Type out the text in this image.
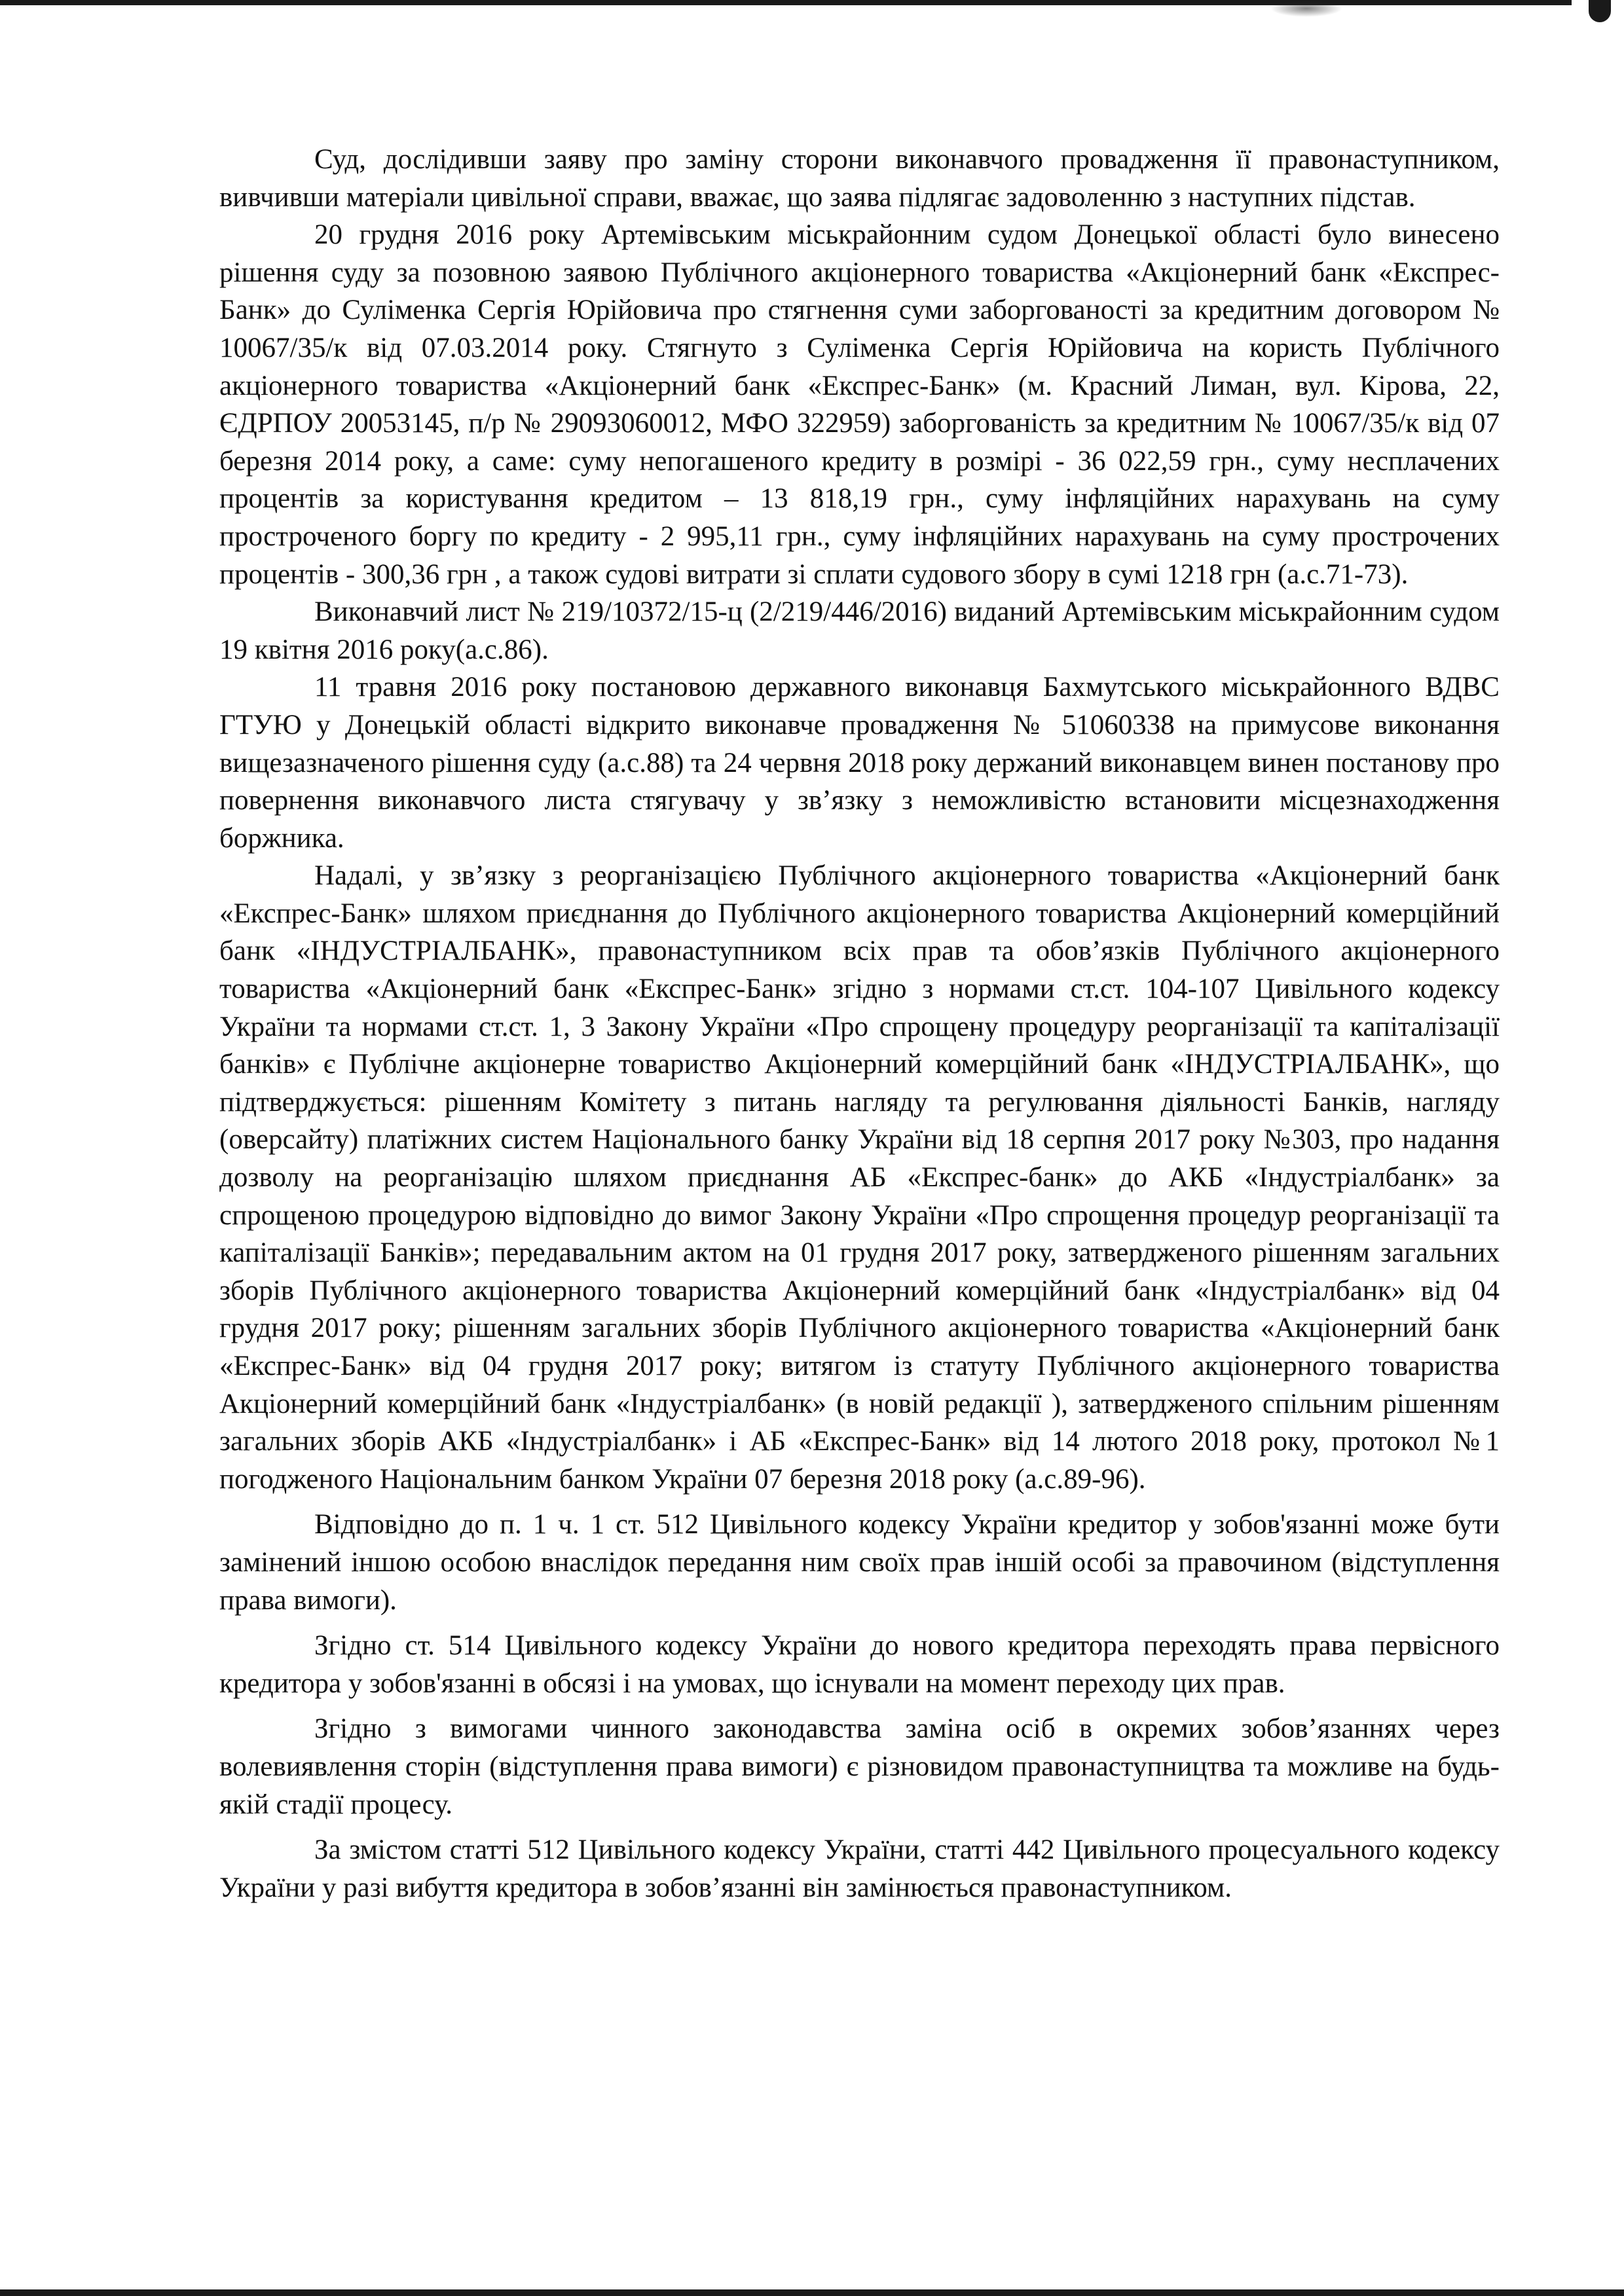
Суд, дослідивши заяву про заміну сторони виконавчого провадження її правонаступником, вивчивши матеріали цивільної справи, вважає, що заява підлягає задоволенню з наступних підстав.

20 грудня 2016 року Артемівським міськрайонним судом Донецької області було винесено рішення суду за позовною заявою Публічного акціонерного товариства «Акціонерний банк «Експрес-Банк» до Суліменка Сергія Юрійовича про стягнення суми заборгованості за кредитним договором № 10067/35/к від 07.03.2014 року. Стягнуто з Суліменка Сергія Юрійовича на користь Публічного акціонерного товариства «Акціонерний банк «Експрес-Банк» (м. Красний Лиман, вул. Кірова, 22, ЄДРПОУ 20053145, п/р № 29093060012, МФО 322959) заборгованість за кредитним № 10067/35/к від 07 березня 2014 року, а саме: суму непогашеного кредиту в розмірі - 36 022,59 грн., суму несплачених процентів за користування кредитом – 13 818,19 грн., суму інфляційних нарахувань на суму простроченого боргу по кредиту - 2 995,11 грн., суму інфляційних нарахувань на суму прострочених процентів - 300,36 грн , а також судові витрати зі сплати судового збору в сумі 1218 грн (а.с.71-73).

Виконавчий лист № 219/10372/15-ц (2/219/446/2016) виданий Артемівським міськрайонним судом 19 квітня 2016 року(а.с.86).

11 травня 2016 року постановою державного виконавця Бахмутського міськрайонного ВДВС ГТУЮ у Донецькій області відкрито виконавче провадження № 51060338 на примусове виконання вищезазначеного рішення суду (а.с.88) та 24 червня 2018 року держаний виконавцем винен постанову про повернення виконавчого листа стягувачу у зв’язку з неможливістю встановити місцезнаходження боржника.

Надалі, у зв’язку з реорганізацією Публічного акціонерного товариства «Акціонерний банк «Експрес-Банк» шляхом приєднання до Публічного акціонерного товариства Акціонерний комерційний банк «ІНДУСТРІАЛБАНК», правонаступником всіх прав та обов’язків Публічного акціонерного товариства «Акціонерний банк «Експрес-Банк» згідно з нормами ст.ст. 104-107 Цивільного кодексу України та нормами ст.ст. 1, 3 Закону України «Про спрощену процедуру реорганізації та капіталізації банків» є Публічне акціонерне товариство Акціонерний комерційний банк «ІНДУСТРІАЛБАНК», що підтверджується: рішенням Комітету з питань нагляду та регулювання діяльності Банків, нагляду (оверсайту) платіжних систем Національного банку України від 18 серпня 2017 року №303, про надання дозволу на реорганізацію шляхом приєднання АБ «Експрес-банк» до АКБ «Індустріалбанк» за спрощеною процедурою відповідно до вимог Закону України «Про спрощення процедур реорганізації та капіталізації Банків»; передавальним актом на 01 грудня 2017 року, затвердженого рішенням загальних зборів Публічного акціонерного товариства Акціонерний комерційний банк «Індустріалбанк» від 04 грудня 2017 року; рішенням загальних зборів Публічного акціонерного товариства «Акціонерний банк «Експрес-Банк» від 04 грудня 2017 року; витягом із статуту Публічного акціонерного товариства Акціонерний комерційний банк «Індустріалбанк» (в новій редакції ), затвердженого спільним рішенням загальних зборів АКБ «Індустріалбанк» і АБ «Експрес-Банк» від 14 лютого 2018 року, протокол №1 погодженого Національним банком України 07 березня 2018 року (а.с.89-96).

Відповідно до п. 1 ч. 1 ст. 512 Цивільного кодексу України кредитор у зобов'язанні може бути замінений іншою особою внаслідок передання ним своїх прав іншій особі за правочином (відступлення права вимоги).

Згідно ст. 514 Цивільного кодексу України до нового кредитора переходять права первісного кредитора у зобов'язанні в обсязі і на умовах, що існували на момент переходу цих прав.

Згідно з вимогами чинного законодавства заміна осіб в окремих зобов’язаннях через волевиявлення сторін (відступлення права вимоги) є різновидом правонаступництва та можливе на будь-якій стадії процесу.

За змістом статті 512 Цивільного кодексу України, статті 442 Цивільного процесуального кодексу України у разі вибуття кредитора в зобов’язанні він замінюється правонаступником.
